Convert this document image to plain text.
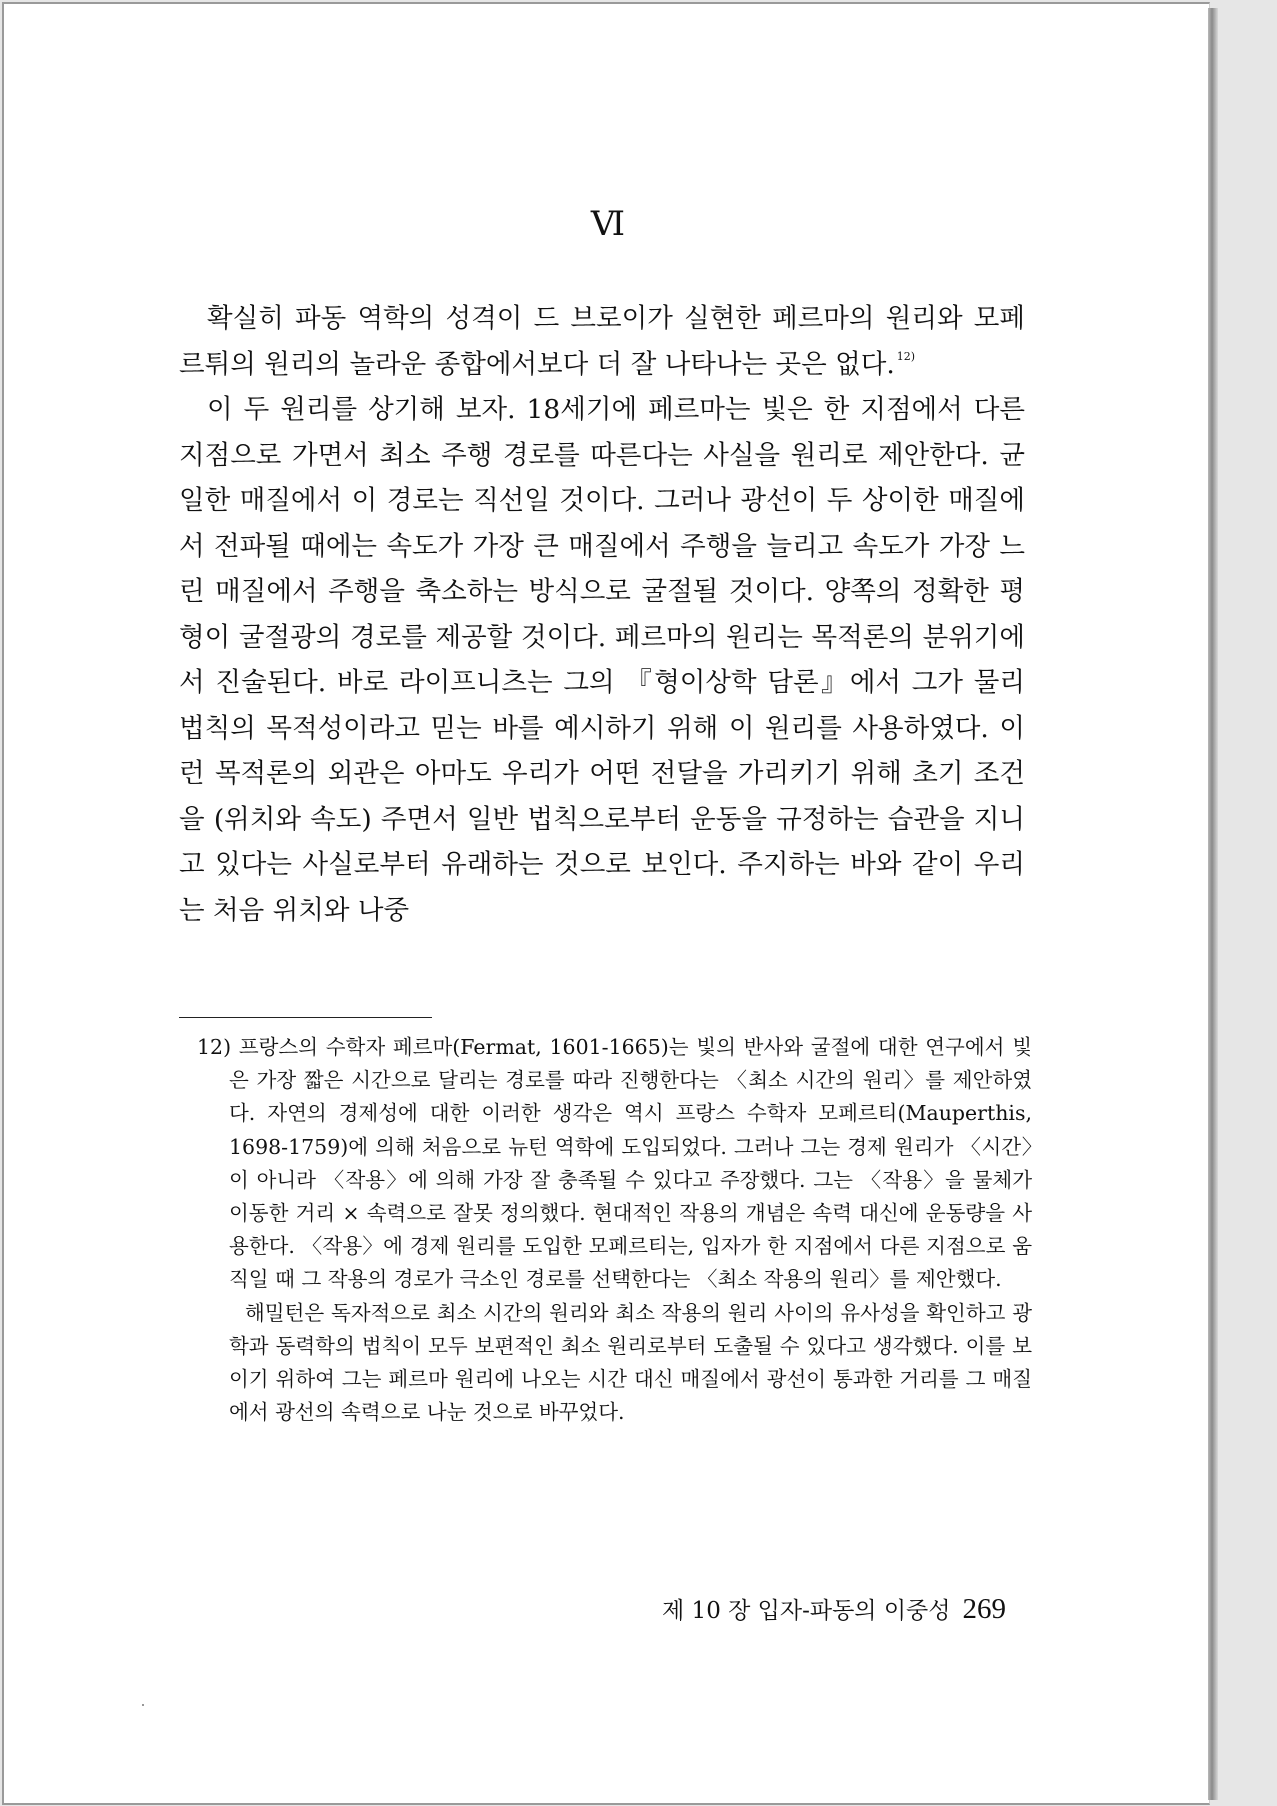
Ⅵ

확실히 파동 역학의 성격이 드 브로이가 실현한 페르마의 원리와 모페르튀의 원리의 놀라운 종합에서보다 더 잘 나타나는 곳은 없다. $^{12)}$

이 두 원리를 상기해 보자. 18세기에 페르마는 빛은 한 지점에서 다른 지점으로 가면서 최소 주행 경로를 따른다는 사실을 원리로 제안한다. 균일한 매질에서 이 경로는 직선일 것이다. 그러나 광선이 두 상이한 매질에서 전파될 때에는 속도가 가장 큰 매질에서 주행을 늘리고 속도가 가장 느린 매질에서 주행을 축소하는 방식으로 굴절될 것이다. 양쪽의 정확한 평형이 굴절광의 경로를 제공할 것이다. 페르마의 원리는 목적론의 분위기에서 진술된다. 바로 라이프니츠는 그의 『형이상학 담론』에서 그가 물리 법칙의 목적성이라고 믿는 바를 예시하기 위해 이 원리를 사용하였다. 이런 목적론의 외관은 아마도 우리가 어떤 전달을 가리키기 위해 초기 조건을 (위치와 속도) 주면서 일반 법칙으로부터 운동을 규정하는 습관을 지니고 있다는 사실로부터 유래하는 것으로 보인다. 주지하는 바와 같이 우리는 처음 위치와 나중

12) 프랑스의 수학자 페르마(Fermat, 1601-1665)는 빛의 반사와 굴절에 대한 연구에서 빛은 가장 짧은 시간으로 달리는 경로를 따라 진행한다는 〈최소 시간의 원리〉를 제안하였다. 자연의 경제성에 대한 이러한 생각은 역시 프랑스 수학자 모페르티(Mauperthis, 1698-1759)에 의해 처음으로 뉴턴 역학에 도입되었다. 그러나 그는 경제 원리가 〈시간〉이 아니라 〈작용〉에 의해 가장 잘 충족될 수 있다고 주장했다. 그는 〈작용〉을 물체가 이동한 거리 × 속력으로 잘못 정의했다. 현대적인 작용의 개념은 속력 대신에 운동량을 사용한다. 〈작용〉에 경제 원리를 도입한 모페르티는, 입자가 한 지점에서 다른 지점으로 움직일 때 그 작용의 경로가 극소인 경로를 선택한다는 〈최소 작용의 원리〉를 제안했다.

해밀턴은 독자적으로 최소 시간의 원리와 최소 작용의 원리 사이의 유사성을 확인하고 광학과 동력학의 법칙이 모두 보편적인 최소 원리로부터 도출될 수 있다고 생각했다. 이를 보이기 위하여 그는 페르마 원리에 나오는 시간 대신 매질에서 광선이 통과한 거리를 그 매질에서 광선의 속력으로 나눈 것으로 바꾸었다.

제 10 장 입자-파동의 이중성 269
